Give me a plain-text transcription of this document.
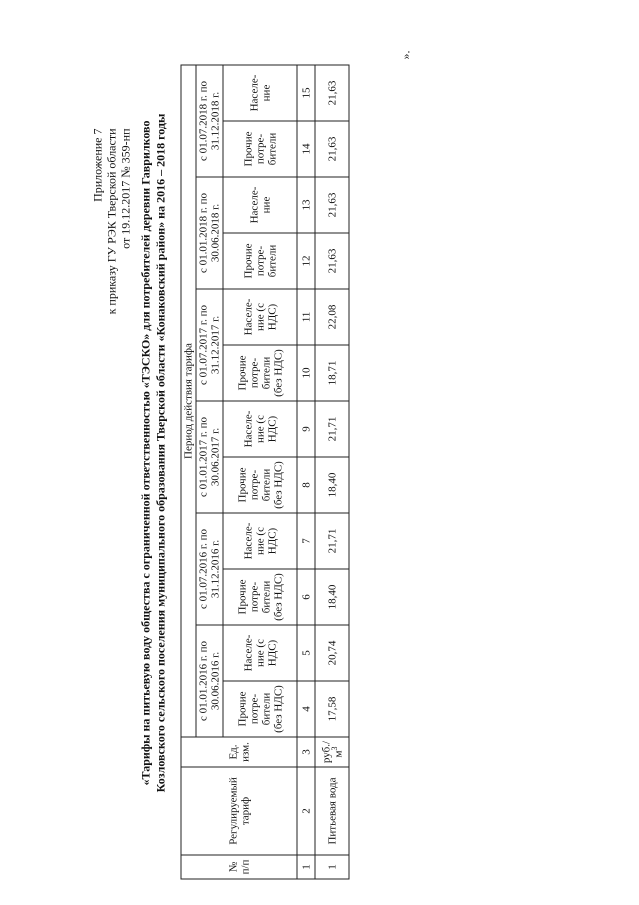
Приложение 7 к приказу ГУ РЭК Тверской области от 19.12.2017 № 359-нп «Тарифы на питьевую воду общества с ограниченной ответственностью «ТЭСКО» для потребителей деревни Гаврилково Козловского сельского поселения муниципального образования Тверской области «Конаковский район» на 2016 – 2018 годы
№ п/п	Регулируемый тариф	Ед. изм.	Период действия тарифа											
			с 01.01.2016 г. по 30.06.2016 г.		с 01.07.2016 г. по 31.12.2016 г.		с 01.01.2017 г. по 30.06.2017 г.		с 01.07.2017 г. по 31.12.2017 г.		с 01.01.2018 г. по 30.06.2018 г.		с 01.07.2018 г. по 31.12.2018 г.	
			Прочие потре- бители (без НДС)	Населе- ние (с НДС)	Прочие потре- бители (без НДС)	Населе- ние (с НДС)	Прочие потре- бители (без НДС)	Населе- ние (с НДС)	Прочие потре- бители (без НДС)	Населе- ние (с НДС)	Прочие потре- бители	Населе- ние	Прочие потре- бители	Населе- ние
1	2	3	4	5	6	7	8	9	10	11	12	13	14	15
1	Питьевая вода	$руб./м^3$	17,58	20,74	18,40	21,71	18,40	21,71	18,71	22,08	21,63	21,63	21,63	21,63
».
